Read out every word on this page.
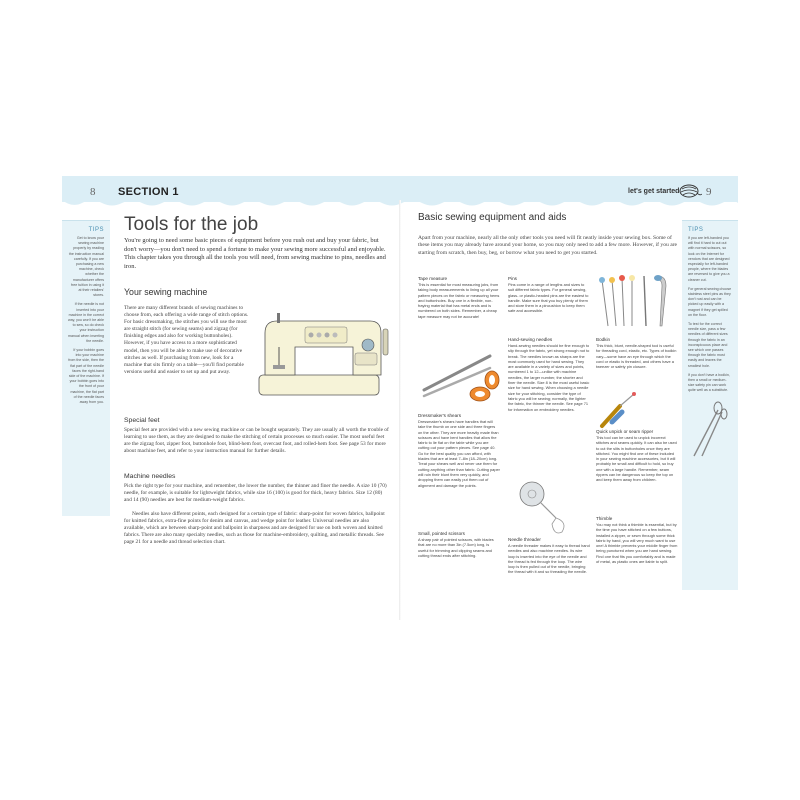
8 SECTION 1	let's get started 9
TIPS
Get to know your sewing machine properly by reading the instruction manual carefully. If you are purchasing a new machine, check whether the manufacturer offers free tuition in using it at their retailers' stores.
If the needle is not inserted into your machine in the correct way, you won't be able to sew, so do check your instruction manual when inserting the needle.
If your bobbin goes into your machine from the side, then the flat part of the needle faces the right-hand side of the machine. If your bobbin goes into the front of your machine, the flat part of the needle faces away from you.
Tools for the job

You're going to need some basic pieces of equipment before you rush out and buy your fabric, but don't worry—you don't need to spend a fortune to make your sewing more successful and enjoyable. This chapter takes you through all the tools you will need, from sewing machine to pins, needles and iron.

Your sewing machine

There are many different brands of sewing machines to choose from, each offering a wide range of stitch options. For basic dressmaking, the stitches you will use the most are straight stitch (for sewing seams) and zigzag (for finishing edges and also for working buttonholes). However, if you have access to a more sophisticated model, then you will be able to make use of decorative stitches as well. If purchasing from new, look for a machine that sits firmly on a table—you'll find portable versions useful and easier to set up and put away.

Special feet

Special feet are provided with a new sewing machine or can be bought separately. They are usually all worth the trouble of learning to use them, as they are designed to make the stitching of certain processes so much easier. The most useful feet are the zigzag foot, zipper foot, buttonhole foot, blind-hem foot, overcast foot, and rolled-hem foot. See page 53 for more about machine feet, and refer to your instruction manual for further details.

Machine needles

Pick the right type for your machine, and remember, the lower the number, the thinner and finer the needle. A size 10 (70) needle, for example, is suitable for lightweight fabrics, while size 16 (100) is good for thick, heavy fabrics. Size 12 (80) and 14 (90) needles are best for medium-weight fabrics.

Needles also have different points, each designed for a certain type of fabric: sharp-point for woven fabrics, ballpoint for knitted fabrics, extra-fine points for denim and canvas, and wedge point for leather. Universal needles are also available, which are between sharp-point and ballpoint in sharpness and are designed for use on both woven and knitted fabrics. There are also many specialty needles, such as those for machine-embroidery, quilting, and metallic threads. See page 21 for a needle and thread selection chart.

Basic sewing equipment and aids

Apart from your machine, nearly all the only other tools you need will fit neatly inside your sewing box. Some of these items you may already have around your home, so you may only need to add a few more. However, if you are starting from scratch, then buy, beg, or borrow what you need to get you started.

Tape measure

This is essential for most measuring jobs, from taking body measurements to lining up all your pattern pieces on the fabric or measuring hems and buttonholes. Buy one in a flexible, non-fraying material that has metal ends and is numbered on both sides. Remember, a cheap tape measure may not be accurate!

Dressmaker's shears

Dressmaker's shears have handles that will take the thumb on one side and three fingers on the other. They are more heavily made than scissors and have bent handles that allow the fabric to lie flat on the table while you are cutting out your pattern pieces. See page 40. Go for the best quality you can afford, with blades that are at least 7–8in (18–20cm) long. Treat your shears well and never use them for cutting anything other than fabric. Cutting paper will ruin their blunt them very quickly, and dropping them can easily put them out of alignment and damage the points.

Small, pointed scissors

A sharp pair of pointed scissors, with blades that are no more than 3in (7.5cm) long, is useful for trimming and clipping seams and cutting thread ends after stitching.

Pins

Pins come in a range of lengths and sizes to suit different fabric types. For general sewing, glass- or plastic-headed pins are the easiest to handle. Make sure that you buy plenty of them and store them in a pincushion to keep them safe and accessible.

Hand-sewing needles

Hand-sewing needles should be fine enough to slip through the fabric, yet strong enough not to break. The needles known as sharps are the most commonly used for hand sewing. They are available in a variety of sizes and points, numbered 1 to 12—unlike with machine needles, the larger number, the shorter and finer the needle. Size 8 is the most useful basic size for hand sewing. When choosing a needle size for your stitching, consider the type of fabric you will be sewing; normally, the lighter the fabric, the thinner the needle. See page 71 for information on embroidery needles.

Needle threader

A needle threader makes it easy to thread hand needles and also machine needles. Its wire loop is inserted into the eye of the needle and the thread is fed through the loop. The wire loop is then pulled out of the needle, bringing the thread with it and so threading the needle.

Bodkin

This thick, blunt, needle-shaped tool is useful for threading cord, elastic, etc. Types of bodkin vary—some have an eye through which the cord or elastic is threaded, and others have a tweezer or safety pin closure.

Quick unpick or seam ripper

This tool can be used to unpick incorrect stitches and seams quickly. It can also be used to cut the slits in buttonholes once they are stitched. You might find one of these included in your sewing machine accessories, but it will probably be small and difficult to hold, so buy one with a large handle. Remember, seam rippers can be dangerous so keep the top on and keep them away from children.

Thimble

You may not think a thimble is essential, but by the time you have stitched on a few buttons, installed a zipper, or sewn through some thick fabric by hand, you will very much want to use one! A thimble prevents your middle finger from being punctured when you are hand sewing. Find one that fits you comfortably and is made of metal, as plastic ones are liable to split.

TIPS
If you are left-handed you will find it hard to cut out with normal scissors, so look on the Internet for vendors that are designed especially for left-handed people, where the blades are reversed to give you a cleaner cut.
For general sewing choose stainless steel pins as they don't rust and can be picked up easily with a magnet if they get spilled on the floor.
To test for the correct needle size, pass a few needles of different sizes through the fabric in an inconspicuous place and see which one passes through the fabric most easily and leaves the smallest hole.
If you don't have a bodkin, then a small or medium-size safety pin can work quite well as a substitute.
